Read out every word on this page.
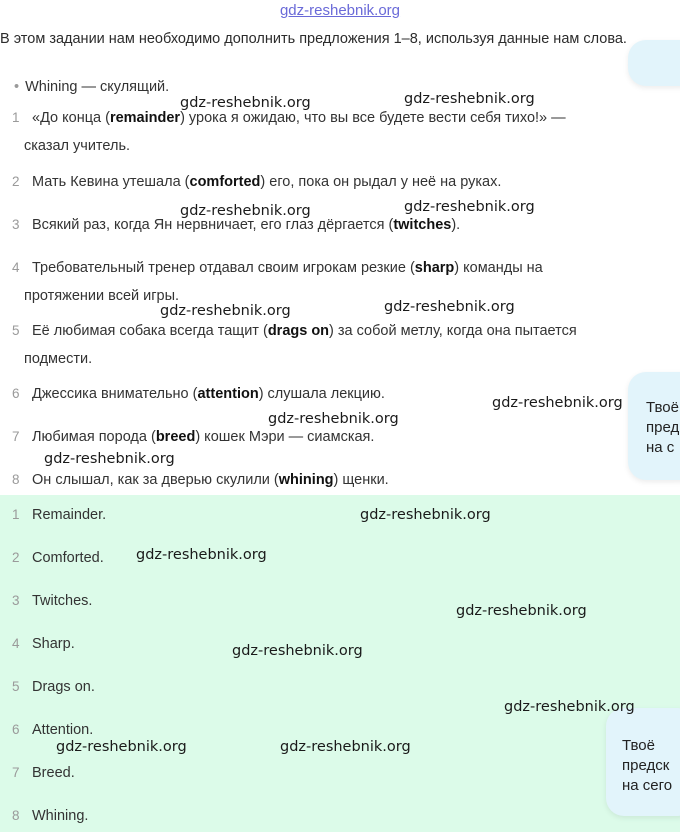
gdz-reshebnik.org
В этом задании нам необходимо дополнить предложения 1–8, используя данные нам слова.
• Whining — скулящий.
1 «До конца (remainder) урока я ожидаю, что вы все будете вести себя тихо!» —
сказал учитель.
2 Мать Кевина утешала (comforted) его, пока он рыдал у неё на руках.
3 Всякий раз, когда Ян нервничает, его глаз дёргается (twitches).
4 Требовательный тренер отдавал своим игрокам резкие (sharp) команды на
протяжении всей игры.
5 Её любимая собака всегда тащит (drags on) за собой метлу, когда она пытается
подмести.
6 Джессика внимательно (attention) слушала лекцию.
7 Любимая порода (breed) кошек Мэри — сиамская.
8 Он слышал, как за дверью скулили (whining) щенки.
Твоё
пред
на с
1 Remainder.
2 Comforted.
3 Twitches.
4 Sharp.
5 Drags on.
6 Attention.
7 Breed.
8 Whining.
Твоё
предск
на сего
gdz-reshebnik.org	gdz-reshebnik.org
gdz-reshebnik.org	gdz-reshebnik.org
gdz-reshebnik.org	gdz-reshebnik.org
gdz-reshebnik.org
gdz-reshebnik.org
gdz-reshebnik.org
gdz-reshebnik.org
gdz-reshebnik.org
gdz-reshebnik.org
gdz-reshebnik.org
gdz-reshebnik.org
gdz-reshebnik.org	gdz-reshebnik.org
